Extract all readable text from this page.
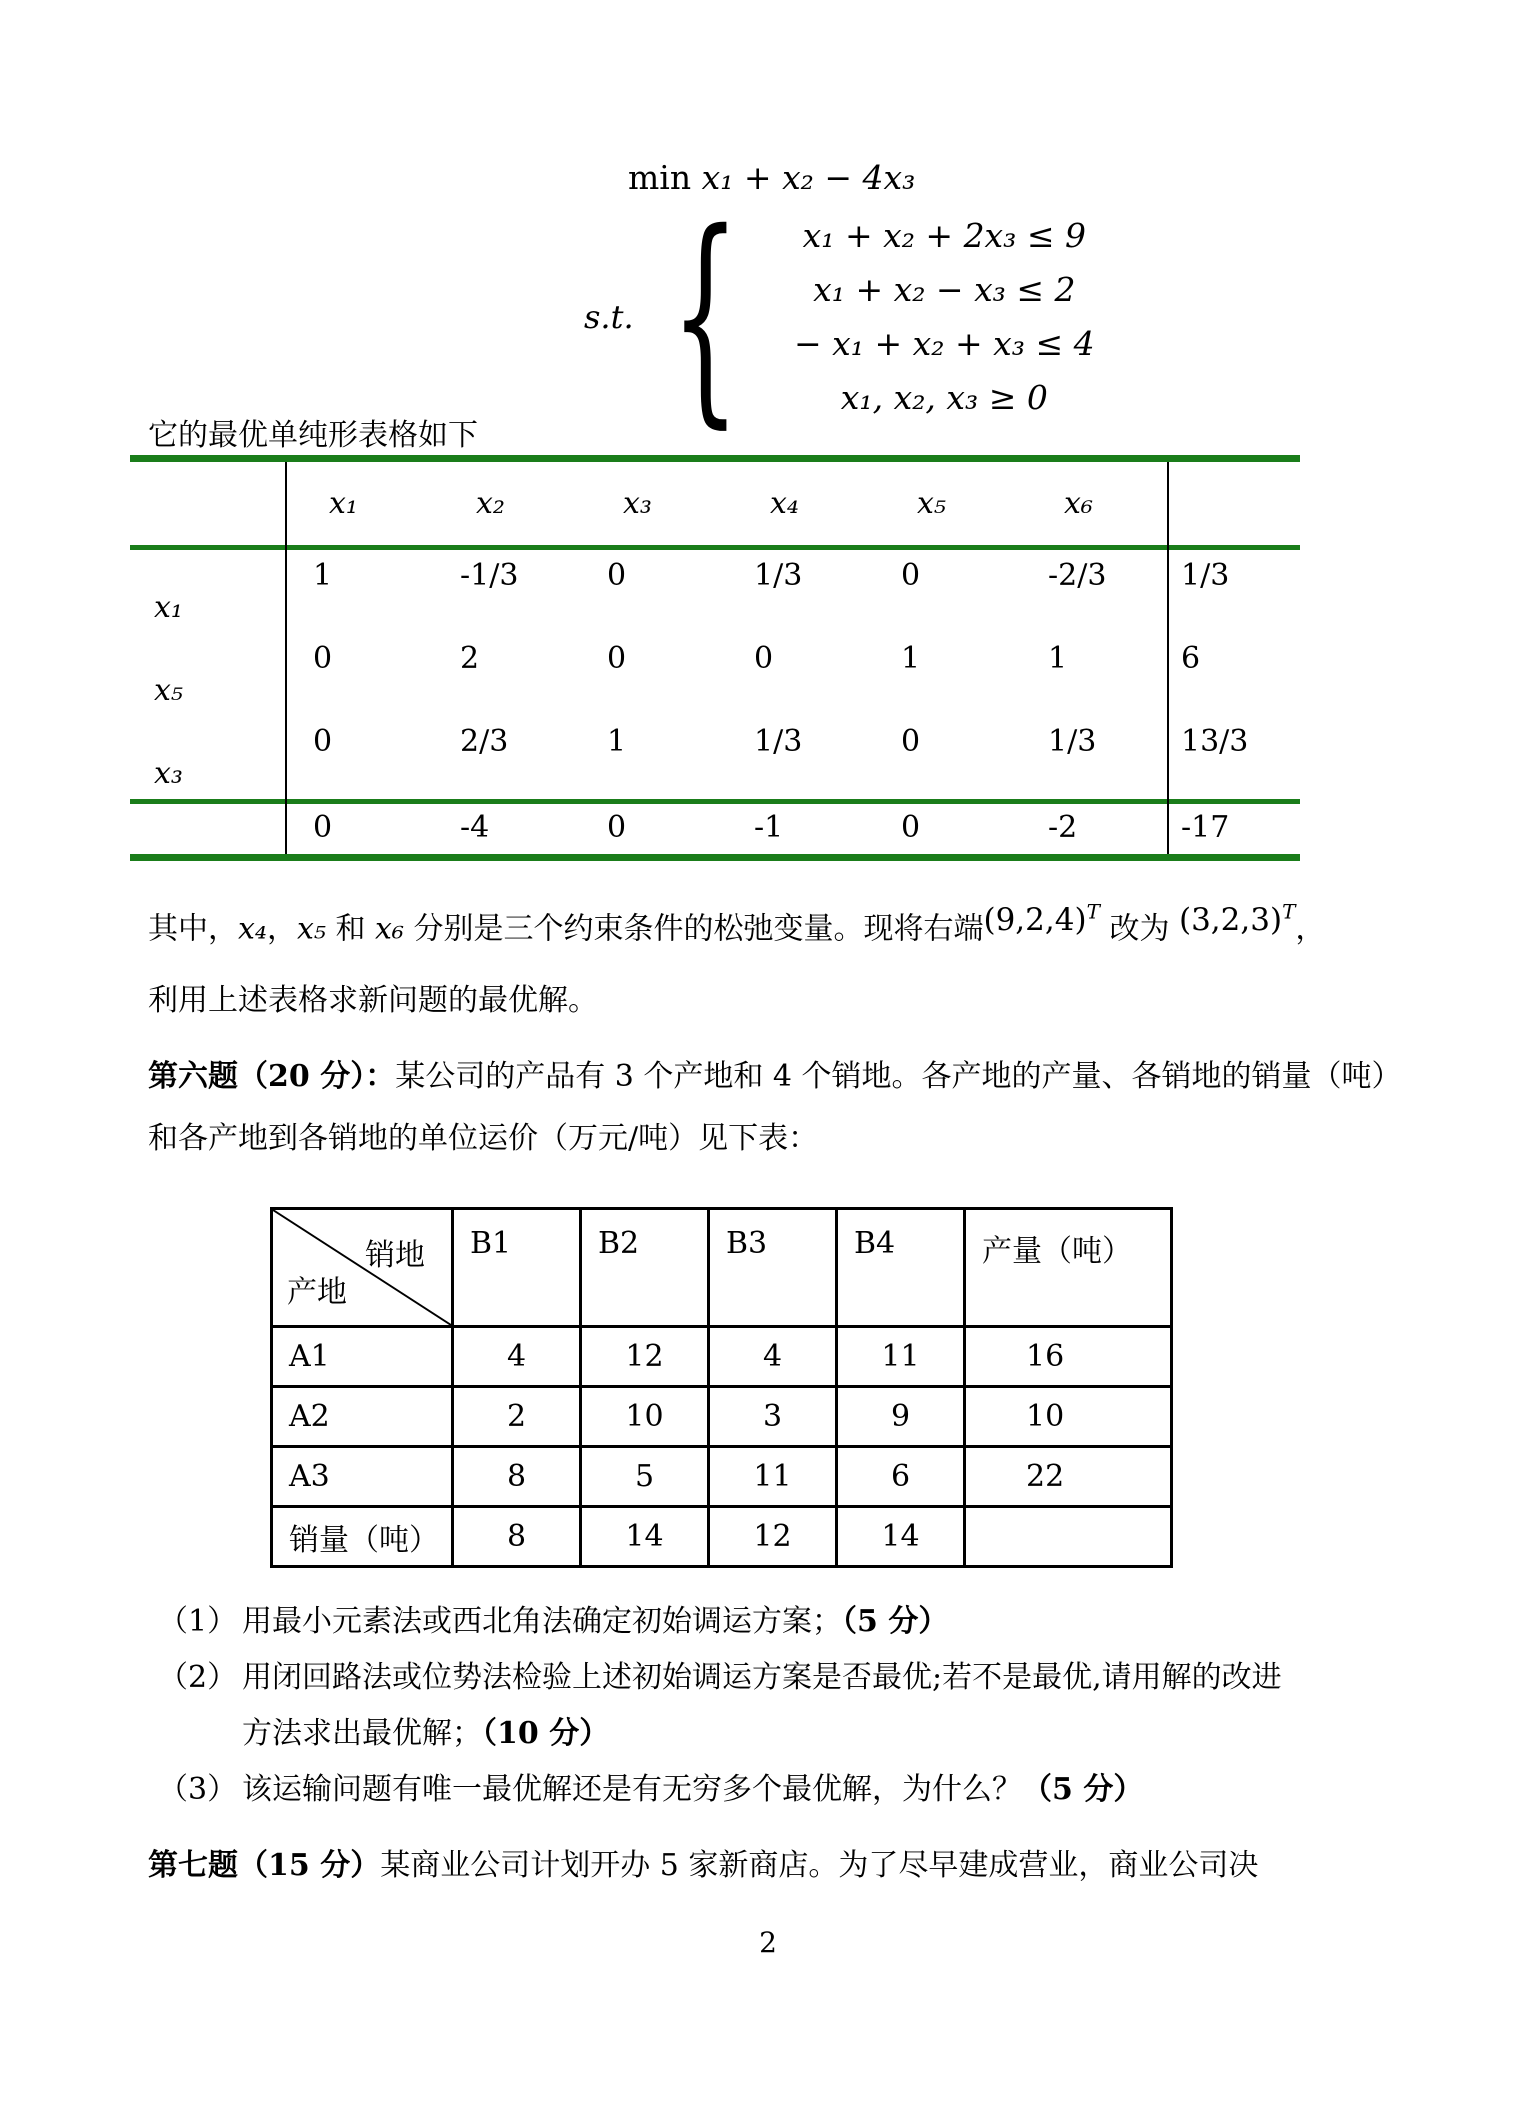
min x₁ + x₂ − 4x₃
s.t. {	x₁ + x₂ + 2x₃ ≤ 9
x₁ + x₂ − x₃ ≤ 2
− x₁ + x₂ + x₃ ≤ 4
x₁, x₂, x₃ ≥ 0
它的最优单纯形表格如下
x₁	x₂	x₃	x₄	x₅	x₆
x₁
1	-1/3	0	1/3	0	-2/3	1/3
x₅
0	2	0	0	1	1	6
x₃
0	2/3	1	1/3	0	1/3	13/3
0	-4	0	-1	0	-2	-17
其中，x₄，x₅ 和 x₆ 分别是三个约束条件的松弛变量。现将右端$(9,2,4)^T$ 改为 $(3,2,3)^T$，
利用上述表格求新问题的最优解。
第六题（20 分）：某公司的产品有 3 个产地和 4 个销地。各产地的产量、各销地的销量（吨）和各产地到各销地的单位运价（万元/吨）见下表：
销地
产地	B1	B2	B3	B4	产量（吨）
A1	4	12	4	11	16
A2	2	10	3	9	10
A3	8	5	11	6	22
销量（吨）	8	14	12	14	
（1） 用最小元素法或西北角法确定初始调运方案；（5 分）
（2） 用闭回路法或位势法检验上述初始调运方案是否最优;若不是最优,请用解的改进方法求出最优解；（10 分）
（3） 该运输问题有唯一最优解还是有无穷多个最优解，为什么？（5 分）
第七题（15 分）某商业公司计划开办 5 家新商店。为了尽早建成营业，商业公司决
2
